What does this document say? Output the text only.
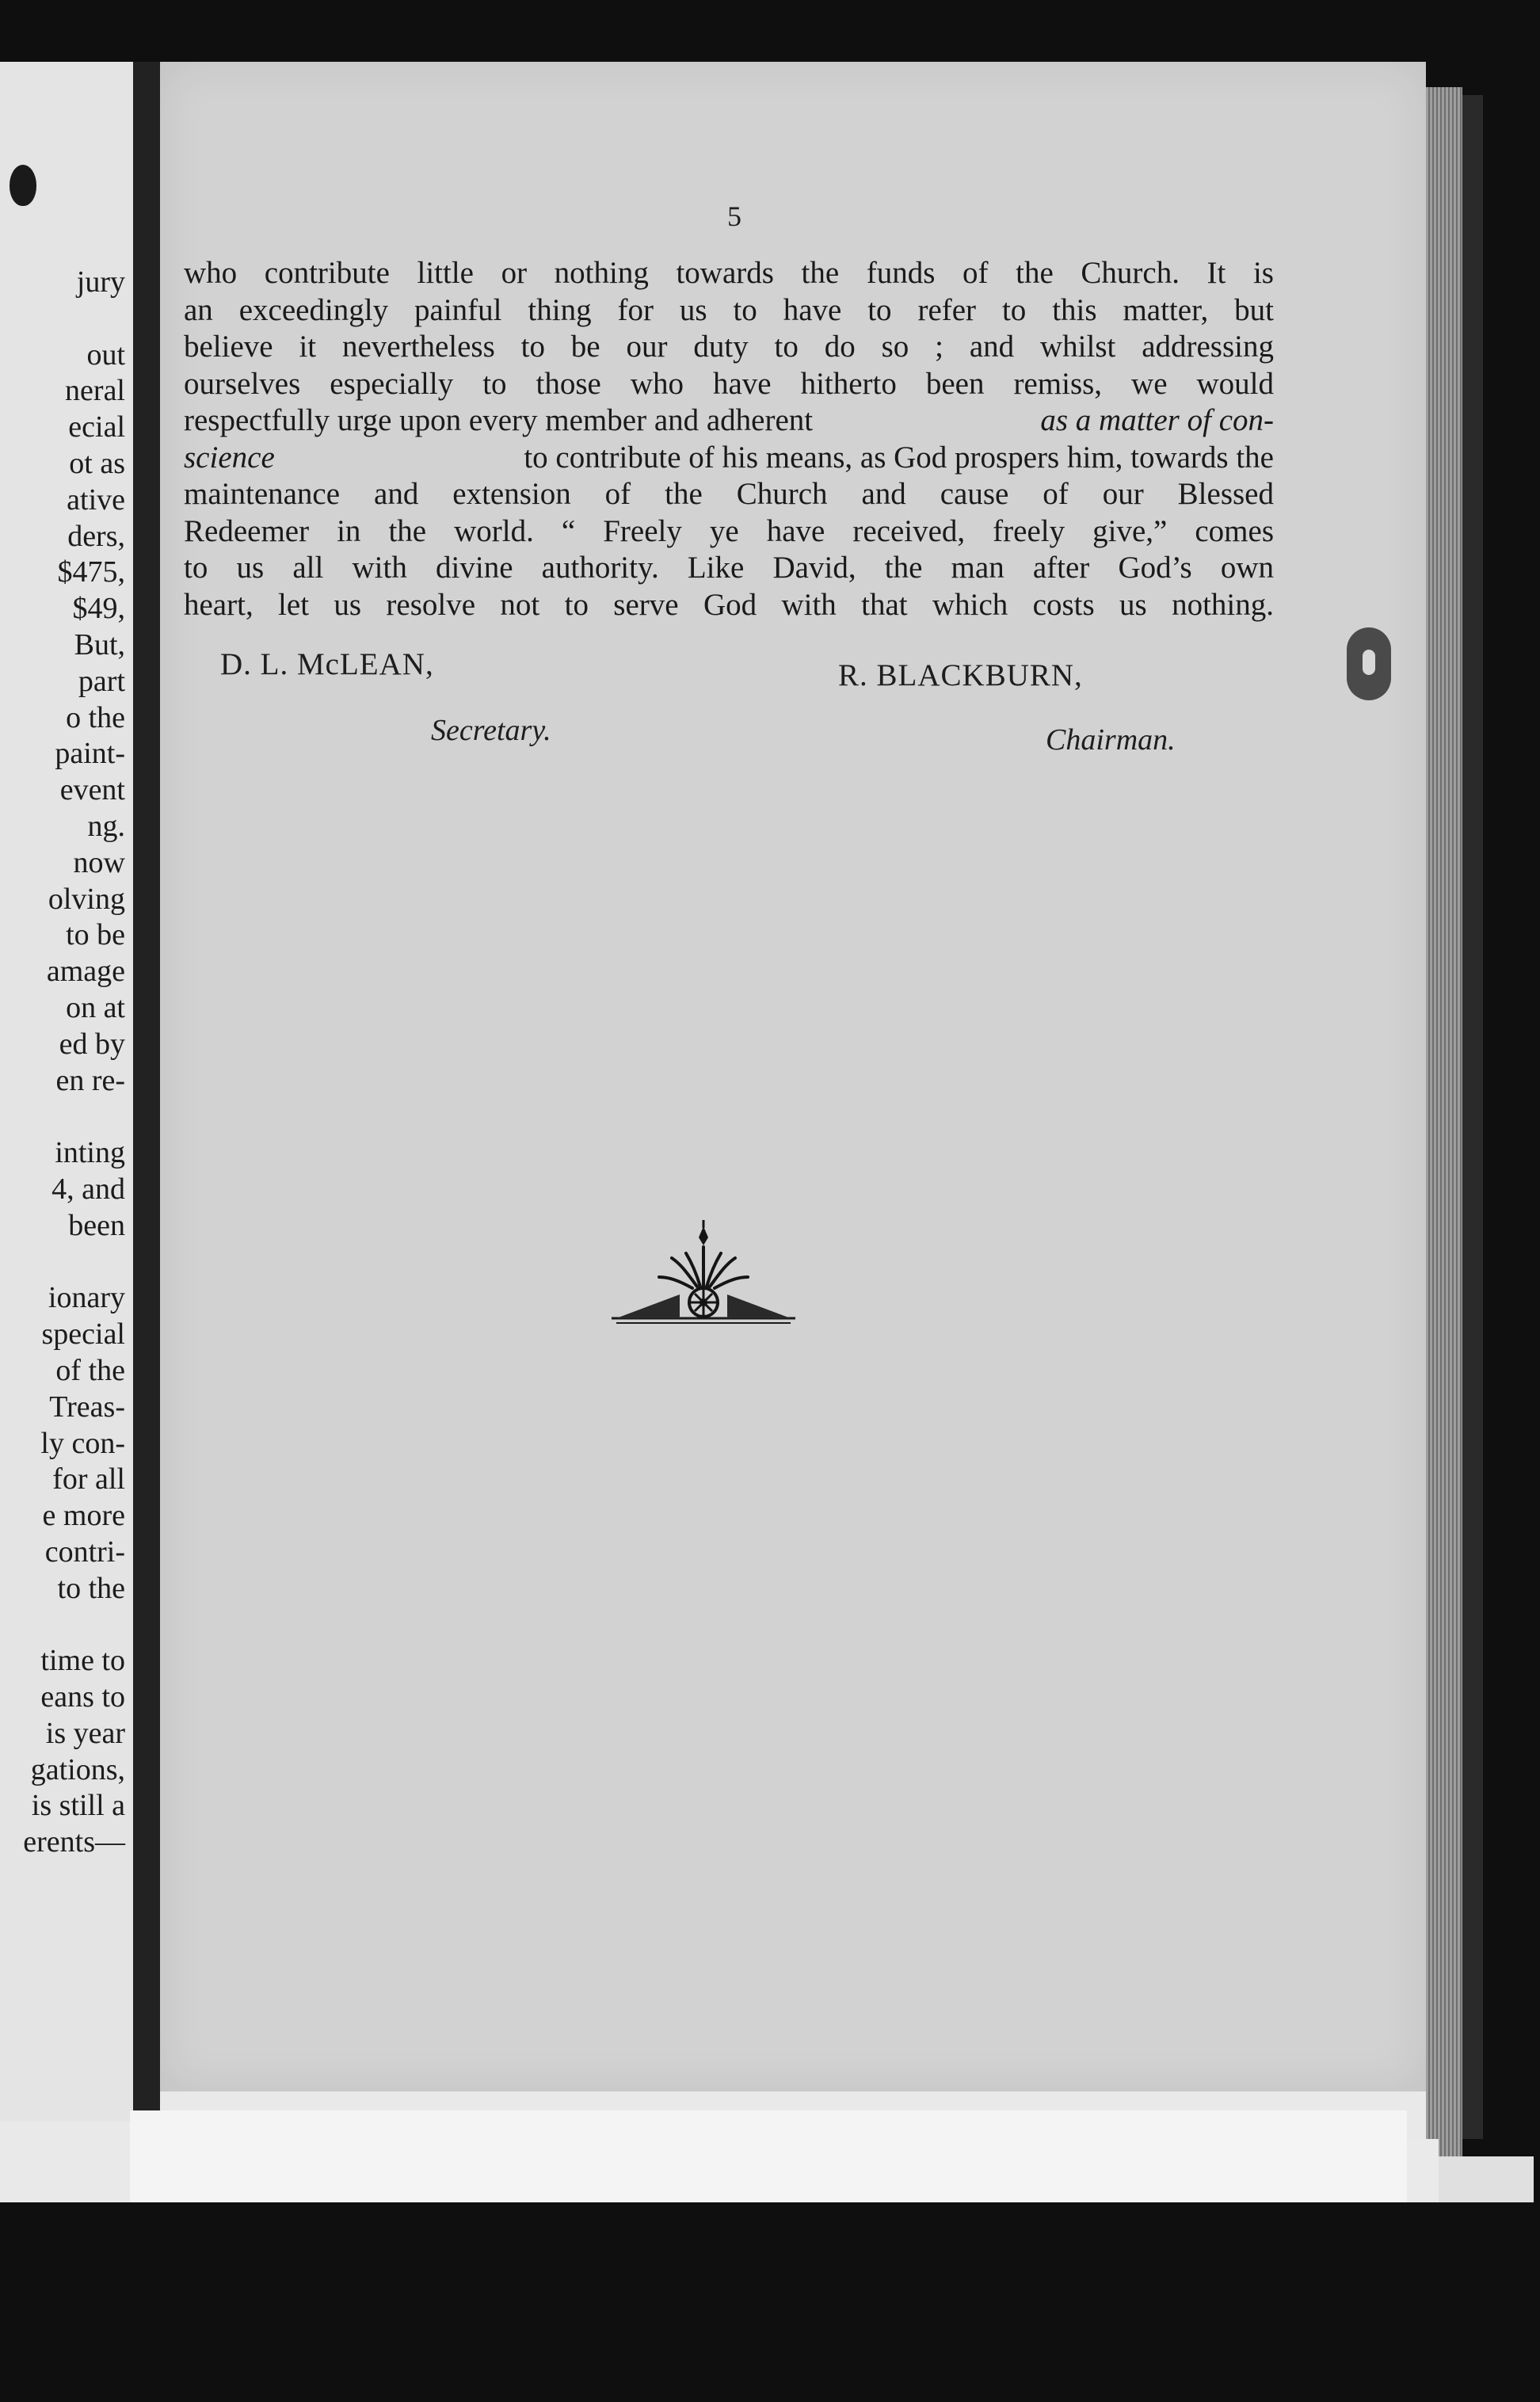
jury
out
neral
ecial
ot as
ative
ders,
$475,
$49,
But,
part
o the
paint-
event
ng.
now
olving
to be
amage
on at
ed by
en re-
inting
4, and
been
ionary
special
of the
Treas-
ly con-
for all
e more
contri-
to the
time to
eans to
is year
gations,
is still a
erents—
5
who contribute little or nothing towards the funds of the Church. It is
an exceedingly painful thing for us to have to refer to this matter, but
believe it nevertheless to be our duty to do so ; and whilst addressing
ourselves especially to those who have hitherto been remiss, we would
respectfully urge upon every member and adherent	as a matter of con-
science	to contribute of his means, as God prospers him, towards the
maintenance and extension of the Church and cause of our Blessed
Redeemer in the world. “ Freely ye have received, freely give,” comes
to us all with divine authority. Like David, the man after God’s own
heart, let us resolve not to serve God with that which costs us nothing.
D. L. McLEAN,	R. BLACKBURN,
Secretary.	Chairman.
